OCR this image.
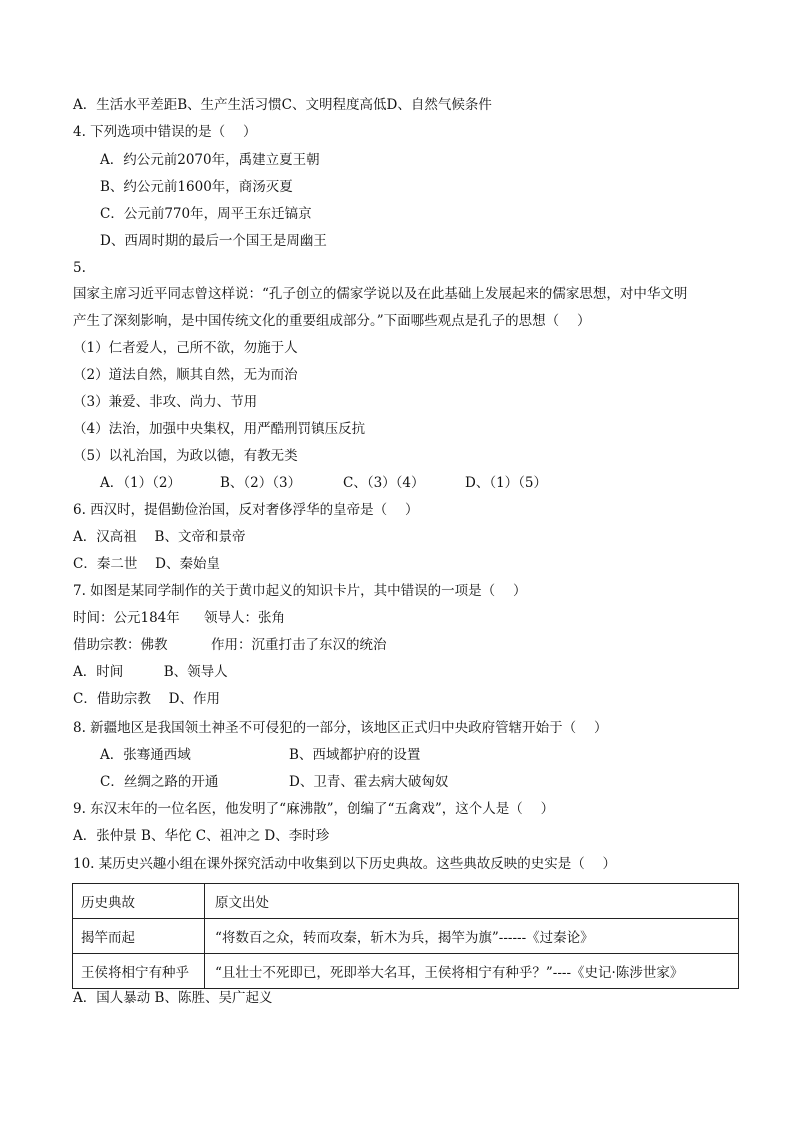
A．生活水平差距B、生产生活习惯C、文明程度高低D、自然气候条件
4. 下列选项中错误的是（　 ）
A．约公元前2070年，禹建立夏王朝
B、约公元前1600年，商汤灭夏
C．公元前770年，周平王东迁镐京
D、西周时期的最后一个国王是周幽王
5.
国家主席习近平同志曾这样说：“孔子创立的儒家学说以及在此基础上发展起来的儒家思想，对中华文明
产生了深刻影响，是中国传统文化的重要组成部分。”下面哪些观点是孔子的思想（　 ）
（1）仁者爱人，己所不欲，勿施于人
（2）道法自然，顺其自然，无为而治
（3）兼爱、非攻、尚力、节用
（4）法治，加强中央集权，用严酷刑罚镇压反抗
（5）以礼治国，为政以德，有教无类
A．（1）（2）	B、（2）（3）	C、（3）（4）	D、（1）（5）
6. 西汉时，提倡勤俭治国，反对奢侈浮华的皇帝是（　 ）
A．汉高祖　 B、文帝和景帝
C．秦二世　 D、秦始皇
7. 如图是某同学制作的关于黄巾起义的知识卡片，其中错误的一项是（　 ）
时间：公元184年 领导人：张角
借助宗教：佛教	作用：沉重打击了东汉的统治
A．时间　　　B、领导人
C．借助宗教　 D、作用
8. 新疆地区是我国领土神圣不可侵犯的一部分，该地区正式归中央政府管辖开始于（　 ）
A．张骞通西域	B、西域都护府的设置
C．丝绸之路的开通	D、卫青、霍去病大破匈奴
9. 东汉末年的一位名医，他发明了“麻沸散”，创编了“五禽戏”，这个人是（　 ）
A．张仲景 B、华佗 C、祖冲之 D、李时珍
10. 某历史兴趣小组在课外探究活动中收集到以下历史典故。这些典故反映的史实是（　 ）
历史典故	原文出处
揭竿而起	“将数百之众，转而攻秦，斩木为兵，揭竿为旗”------《过秦论》
王侯将相宁有种乎	“且壮士不死即已，死即举大名耳，王侯将相宁有种乎？”----《史记·陈涉世家》
A．国人暴动 B、陈胜、吴广起义
